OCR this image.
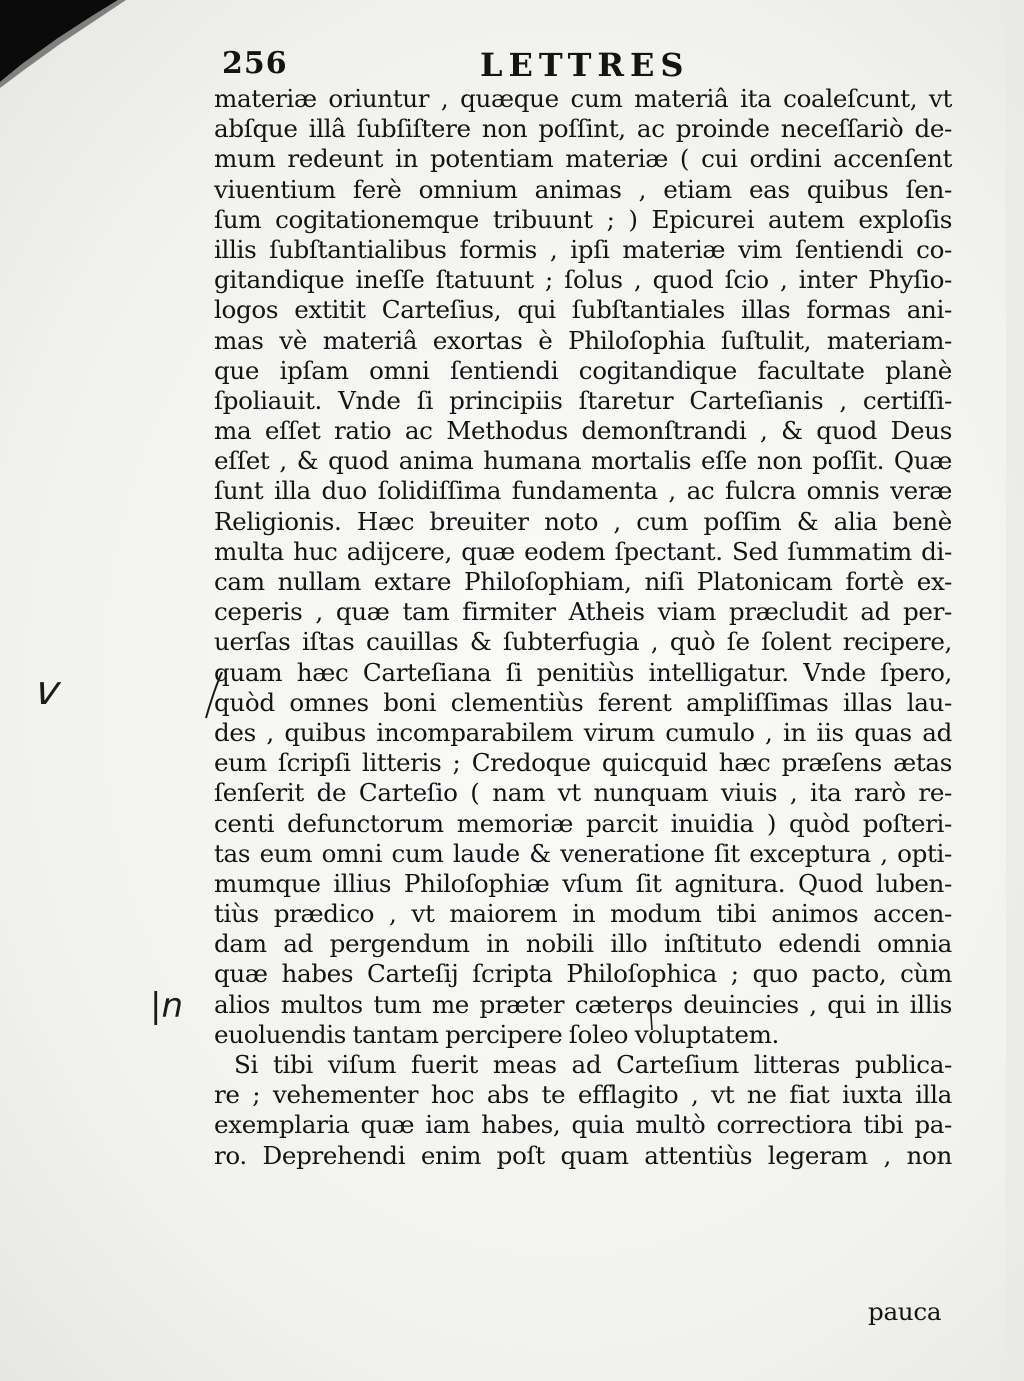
256	LETTRES
materiæ oriuntur , quæque cum materiâ ita coaleſcunt, vt
abſque illâ ſubſiſtere non poſſint, ac proinde neceſſariò de-
mum redeunt in potentiam materiæ ( cui ordini accenſent
viuentium ferè omnium animas , etiam eas quibus ſen-
ſum cogitationemque tribuunt ; ) Epicurei autem exploſis
illis ſubſtantialibus formis , ipſi materiæ vim ſentiendi co-
gitandique ineſſe ſtatuunt ; ſolus , quod ſcio , inter Phyſio-
logos extitit Carteſius, qui ſubſtantiales illas formas ani-
mas vè materiâ exortas è Philoſophia ſuſtulit, materiam-
que ipſam omni ſentiendi cogitandique facultate planè
ſpoliauit. Vnde ſi principiis ſtaretur Carteſianis , certiſſi-
ma eſſet ratio ac Methodus demonſtrandi , & quod Deus
eſſet , & quod anima humana mortalis eſſe non poſſit. Quæ
ſunt illa duo ſolidiſſima fundamenta , ac fulcra omnis veræ
Religionis. Hæc breuiter noto , cum poſſim & alia benè
multa huc adijcere, quæ eodem ſpectant. Sed ſummatim di-
cam nullam extare Philoſophiam, niſi Platonicam fortè ex-
ceperis , quæ tam firmiter Atheis viam præcludit ad per-
uerſas iſtas cauillas & ſubterfugia , quò ſe ſolent recipere,
quam hæc Carteſiana ſi penitiùs intelligatur. Vnde ſpero,
quòd omnes boni clementiùs ferent ampliſſimas illas lau-
des , quibus incomparabilem virum cumulo , in iis quas ad
eum ſcripſi litteris ; Credoque quicquid hæc præſens ætas
ſenſerit de Carteſio ( nam vt nunquam viuis , ita rarò re-
centi defunctorum memoriæ parcit inuidia ) quòd poſteri-
tas eum omni cum laude & veneratione ſit exceptura , opti-
mumque illius Philoſophiæ vſum ſit agnitura. Quod luben-
tiùs prædico , vt maiorem in modum tibi animos accen-
dam ad pergendum in nobili illo inſtituto edendi omnia
quæ habes Carteſij ſcripta Philoſophica ; quo pacto, cùm
alios multos tum me præter cæteros deuincies , qui in illis
euoluendis tantam percipere ſoleo voluptatem.
Si tibi viſum fuerit meas ad Carteſium litteras publica-
re ; vehementer hoc abs te efflagito , vt ne fiat iuxta illa
exemplaria quæ iam habes, quia multò correctiora tibi pa-
ro. Deprehendi enim poſt quam attentiùs legeram , non
pauca
v
|n
